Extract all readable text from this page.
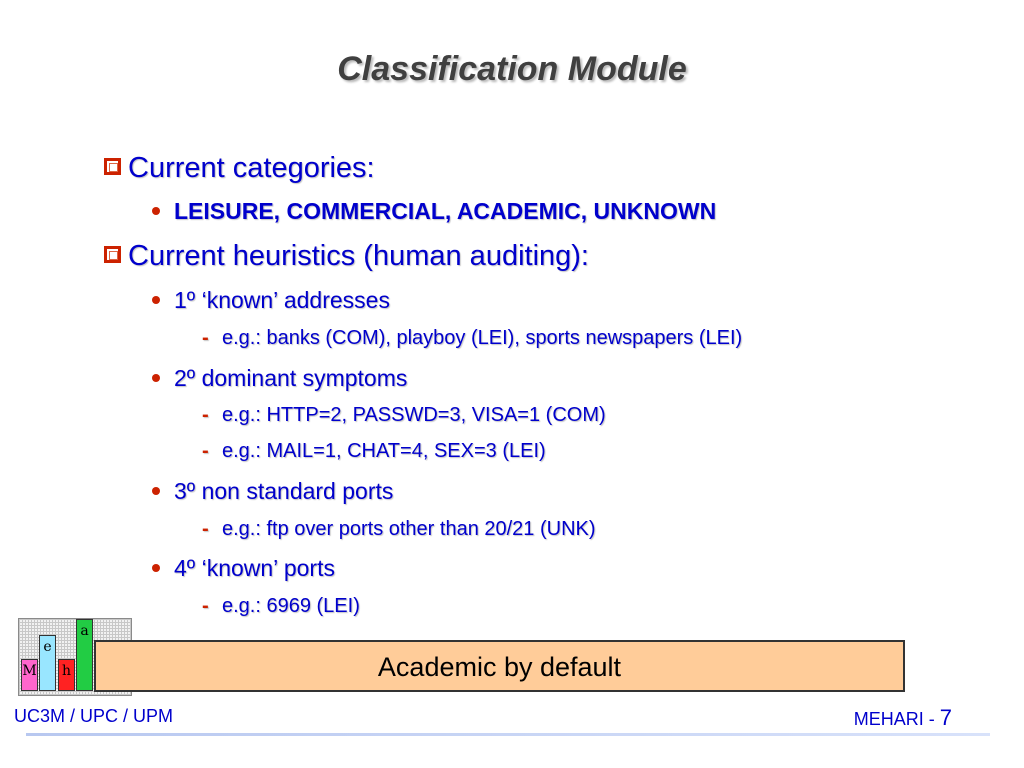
Classification Module
Current categories:
LEISURE, COMMERCIAL, ACADEMIC, UNKNOWN
Current heuristics (human auditing):
1º ‘known’ addresses
- e.g.: banks (COM), playboy (LEI), sports newspapers (LEI)
2º dominant symptoms
- e.g.: HTTP=2, PASSWD=3, VISA=1 (COM)
- e.g.: MAIL=1, CHAT=4, SEX=3 (LEI)
3º non standard ports
- e.g.: ftp over ports other than 20/21 (UNK)
4º ‘known’ ports
- e.g.: 6969 (LEI)
M
e
h
a
Academic by default
UC3M / UPC / UPM	MEHARI - 7
